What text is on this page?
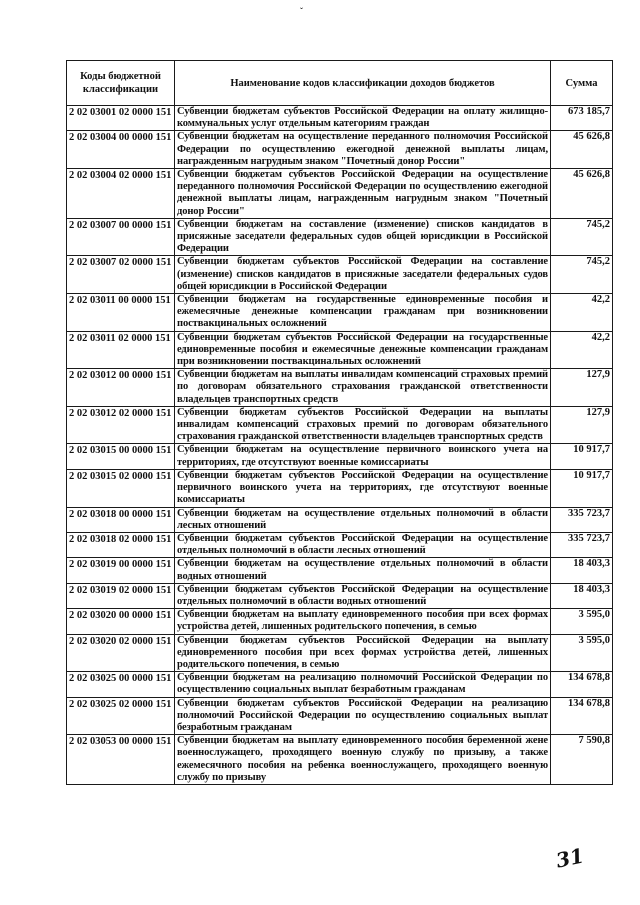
ˇ
Коды бюджетной классификации	Наименование кодов классификации доходов бюджетов	Сумма
2 02 03001 02 0000 151	Субвенции бюджетам субъектов Российской Федерации на оплату жилищно-коммунальных услуг отдельным категориям граждан	673 185,7
2 02 03004 00 0000 151	Субвенции бюджетам на осуществление переданного полномочия Российской Федерации по осуществлению ежегодной денежной выплаты лицам, награжденным нагрудным знаком "Почетный донор России"	45 626,8
2 02 03004 02 0000 151	Субвенции бюджетам субъектов Российской Федерации на осуществление переданного полномочия Российской Федерации по осуществлению ежегодной денежной выплаты лицам, награжденным нагрудным знаком "Почетный донор России"	45 626,8
2 02 03007 00 0000 151	Субвенции бюджетам на составление (изменение) списков кандидатов в присяжные заседатели федеральных судов общей юрисдикции в Российской Федерации	745,2
2 02 03007 02 0000 151	Субвенции бюджетам субъектов Российской Федерации на составление (изменение) списков кандидатов в присяжные заседатели федеральных судов общей юрисдикции в Российской Федерации	745,2
2 02 03011 00 0000 151	Субвенции бюджетам на государственные единовременные пособия и ежемесячные денежные компенсации гражданам при возникновении поствакцинальных осложнений	42,2
2 02 03011 02 0000 151	Субвенции бюджетам субъектов Российской Федерации на государственные единовременные пособия и ежемесячные денежные компенсации гражданам при возникновении поствакцинальных осложнений	42,2
2 02 03012 00 0000 151	Субвенции бюджетам на выплаты инвалидам компенсаций страховых премий по договорам обязательного страхования гражданской ответственности владельцев транспортных средств	127,9
2 02 03012 02 0000 151	Субвенции бюджетам субъектов Российской Федерации на выплаты инвалидам компенсаций страховых премий по договорам обязательного страхования гражданской ответственности владельцев транспортных средств	127,9
2 02 03015 00 0000 151	Субвенции бюджетам на осуществление первичного воинского учета на территориях, где отсутствуют военные комиссариаты	10 917,7
2 02 03015 02 0000 151	Субвенции бюджетам субъектов Российской Федерации на осуществление первичного воинского учета на территориях, где отсутствуют военные комиссариаты	10 917,7
2 02 03018 00 0000 151	Субвенции бюджетам на осуществление отдельных полномочий в области лесных отношений	335 723,7
2 02 03018 02 0000 151	Субвенции бюджетам субъектов Российской Федерации на осуществление отдельных полномочий в области лесных отношений	335 723,7
2 02 03019 00 0000 151	Субвенции бюджетам на осуществление отдельных полномочий в области водных отношений	18 403,3
2 02 03019 02 0000 151	Субвенции бюджетам субъектов Российской Федерации на осуществление отдельных полномочий в области водных отношений	18 403,3
2 02 03020 00 0000 151	Субвенции бюджетам на выплату единовременного пособия при всех формах устройства детей, лишенных родительского попечения, в семью	3 595,0
2 02 03020 02 0000 151	Субвенции бюджетам субъектов Российской Федерации на выплату единовременного пособия при всех формах устройства детей, лишенных родительского попечения, в семью	3 595,0
2 02 03025 00 0000 151	Субвенции бюджетам на реализацию полномочий Российской Федерации по осуществлению социальных выплат безработным гражданам	134 678,8
2 02 03025 02 0000 151	Субвенции бюджетам субъектов Российской Федерации на реализацию полномочий Российской Федерации по осуществлению социальных выплат безработным гражданам	134 678,8
2 02 03053 00 0000 151	Субвенции бюджетам на выплату единовременного пособия беременной жене военнослужащего, проходящего военную службу по призыву, а также ежемесячного пособия на ребенка военнослужащего, проходящего военную службу по призыву	7 590,8
31
